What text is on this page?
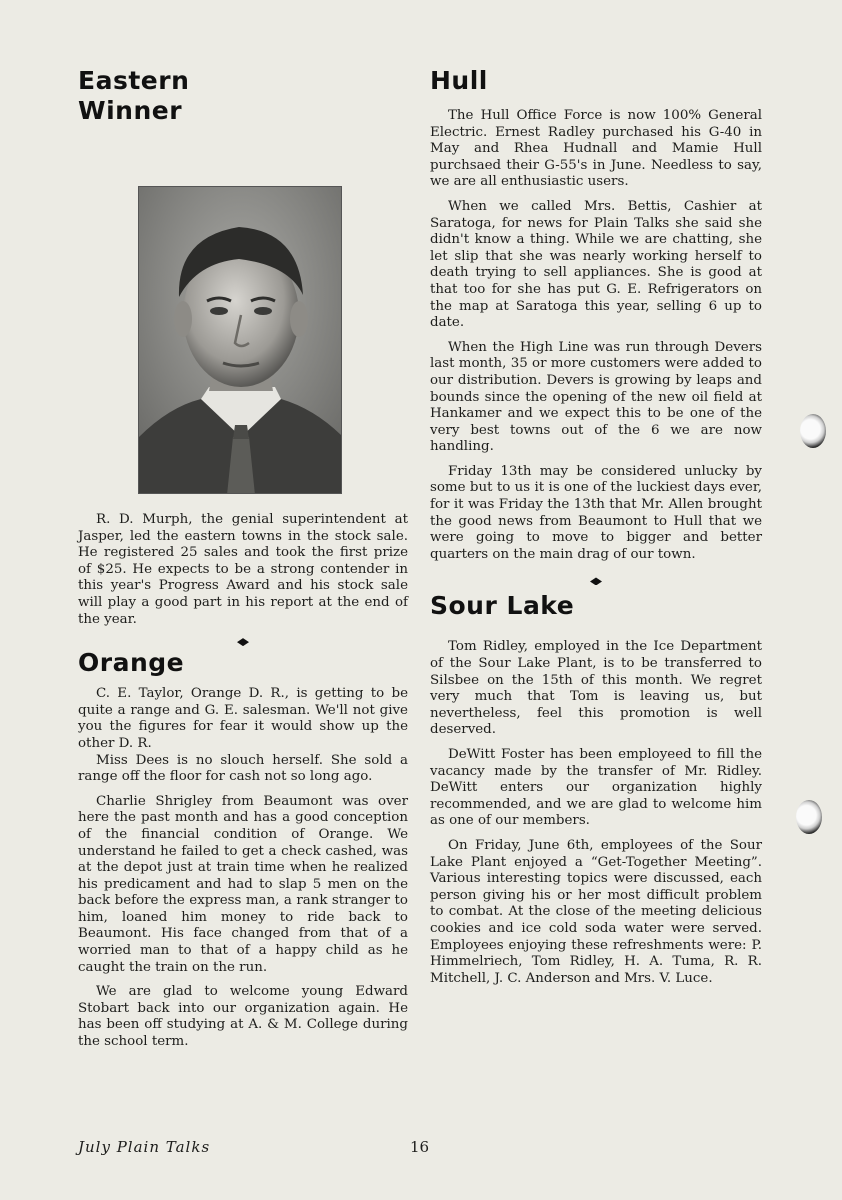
Eastern
Winner

R. D. Murph, the genial superintendent at Jasper, led the eastern towns in the stock sale. He registered 25 sales and took the first prize of $25. He expects to be a strong contender in this year's Progress Award and his stock sale will play a good part in his report at the end of the year.

Orange

C. E. Taylor, Orange D. R., is getting to be quite a range and G. E. salesman. We'll not give you the figures for fear it would show up the other D. R.

Miss Dees is no slouch herself. She sold a range off the floor for cash not so long ago.

Charlie Shrigley from Beaumont was over here the past month and has a good conception of the financial condition of Orange. We understand he failed to get a check cashed, was at the depot just at train time when he realized his predicament and had to slap 5 men on the back before the express man, a rank stranger to him, loaned him money to ride back to Beaumont. His face changed from that of a worried man to that of a happy child as he caught the train on the run.

We are glad to welcome young Edward Stobart back into our organization again. He has been off studying at A. & M. College during the school term.

Hull

The Hull Office Force is now 100% General Electric. Ernest Radley purchased his G-40 in May and Rhea Hudnall and Mamie Hull purchsaed their G-55's in June. Needless to say, we are all enthusiastic users.

When we called Mrs. Bettis, Cashier at Saratoga, for news for Plain Talks she said she didn't know a thing. While we are chatting, she let slip that she was nearly working herself to death trying to sell appliances. She is good at that too for she has put G. E. Refrigerators on the map at Saratoga this year, selling 6 up to date.

When the High Line was run through Devers last month, 35 or more customers were added to our distribution. Devers is growing by leaps and bounds since the opening of the new oil field at Hankamer and we expect this to be one of the very best towns out of the 6 we are now handling.

Friday 13th may be considered unlucky by some but to us it is one of the luckiest days ever, for it was Friday the 13th that Mr. Allen brought the good news from Beaumont to Hull that we were going to move to bigger and better quarters on the main drag of our town.

Sour Lake

Tom Ridley, employed in the Ice Department of the Sour Lake Plant, is to be transferred to Silsbee on the 15th of this month. We regret very much that Tom is leaving us, but nevertheless, feel this promotion is well deserved.

DeWitt Foster has been employeed to fill the vacancy made by the transfer of Mr. Ridley. DeWitt enters our organization highly recommended, and we are glad to welcome him as one of our members.

On Friday, June 6th, employees of the Sour Lake Plant enjoyed a “Get-Together Meeting”. Various interesting topics were discussed, each person giving his or her most difficult problem to combat. At the close of the meeting delicious cookies and ice cold soda water were served. Employees enjoying these refreshments were: P. Himmelriech, Tom Ridley, H. A. Tuma, R. R. Mitchell, J. C. Anderson and Mrs. V. Luce.

July Plain Talks	16
